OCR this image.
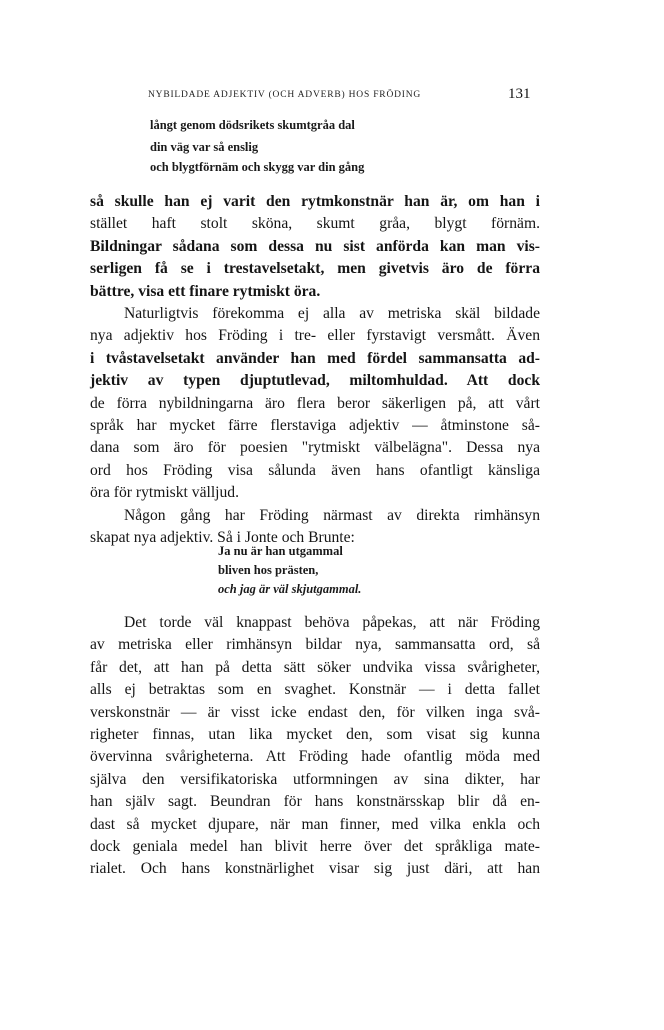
NYBILDADE ADJEKTIV (OCH ADVERB) HOS FRÖDING	131
långt genom dödsrikets skumtgråa dal
din väg var så enslig
och blygtförnäm och skygg var din gång
så skulle han ej varit den rytmkonstnär han är, om han i
stället haft stolt sköna, skumt gråa, blygt förnäm.
Bildningar sådana som dessa nu sist anförda kan man vis-
serligen få se i trestavelsetakt, men givetvis äro de förra
bättre, visa ett finare rytmiskt öra.
Naturligtvis förekomma ej alla av metriska skäl bildade
nya adjektiv hos Fröding i tre- eller fyrstavigt versmått. Även
i tvåstavelsetakt använder han med fördel sammansatta ad-
jektiv av typen djuptutlevad, miltomhuldad. Att dock
de förra nybildningarna äro flera beror säkerligen på, att vårt
språk har mycket färre flerstaviga adjektiv — åtminstone så-
dana som äro för poesien "rytmiskt välbelägna". Dessa nya
ord hos Fröding visa sålunda även hans ofantligt känsliga
öra för rytmiskt välljud.
Någon gång har Fröding närmast av direkta rimhänsyn
skapat nya adjektiv. Så i Jonte och Brunte:
Ja nu är han utgammal
bliven hos prästen,
och jag är väl skjutgammal.
Det torde väl knappast behöva påpekas, att när Fröding
av metriska eller rimhänsyn bildar nya, sammansatta ord, så
får det, att han på detta sätt söker undvika vissa svårigheter,
alls ej betraktas som en svaghet. Konstnär — i detta fallet
verskonstnär — är visst icke endast den, för vilken inga svå-
righeter finnas, utan lika mycket den, som visat sig kunna
övervinna svårigheterna. Att Fröding hade ofantlig möda med
själva den versifikatoriska utformningen av sina dikter, har
han själv sagt. Beundran för hans konstnärsskap blir då en-
dast så mycket djupare, när man finner, med vilka enkla och
dock geniala medel han blivit herre över det språkliga mate-
rialet. Och hans konstnärlighet visar sig just däri, att han
